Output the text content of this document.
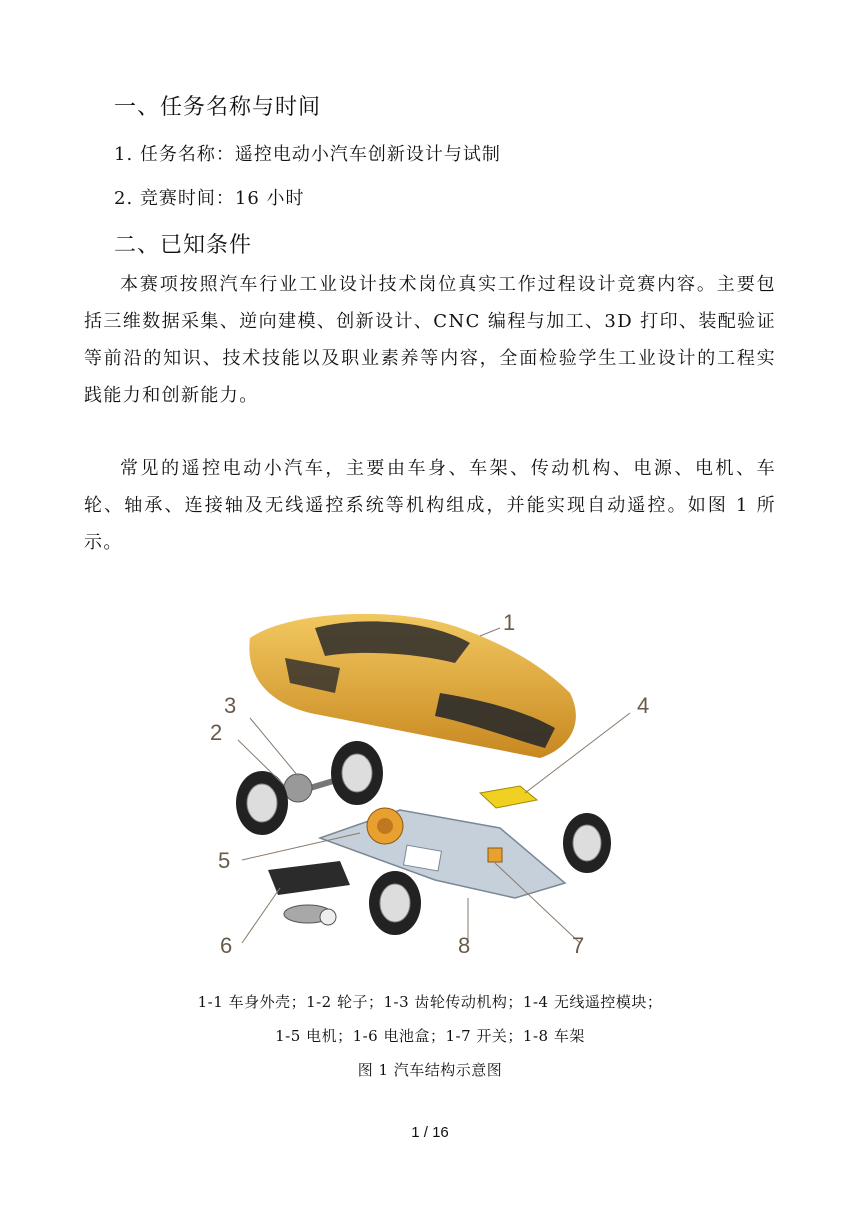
一、任务名称与时间
1. 任务名称：遥控电动小汽车创新设计与试制
2. 竞赛时间：16 小时
二、已知条件

本赛项按照汽车行业工业设计技术岗位真实工作过程设计竞赛内容。主要包括三维数据采集、逆向建模、创新设计、CNC 编程与加工、3D 打印、装配验证等前沿的知识、技术技能以及职业素养等内容，全面检验学生工业设计的工程实践能力和创新能力。

常见的遥控电动小汽车，主要由车身、车架、传动机构、电源、电机、车轮、轴承、连接轴及无线遥控系统等机构组成，并能实现自动遥控。如图 1 所示。

1
2
3	4
5
6	7
8
1-1 车身外壳；1-2 轮子；1-3 齿轮传动机构；1-4 无线遥控模块；
1-5 电机；1-6 电池盒；1-7 开关；1-8 车架
图 1 汽车结构示意图
1 / 16
